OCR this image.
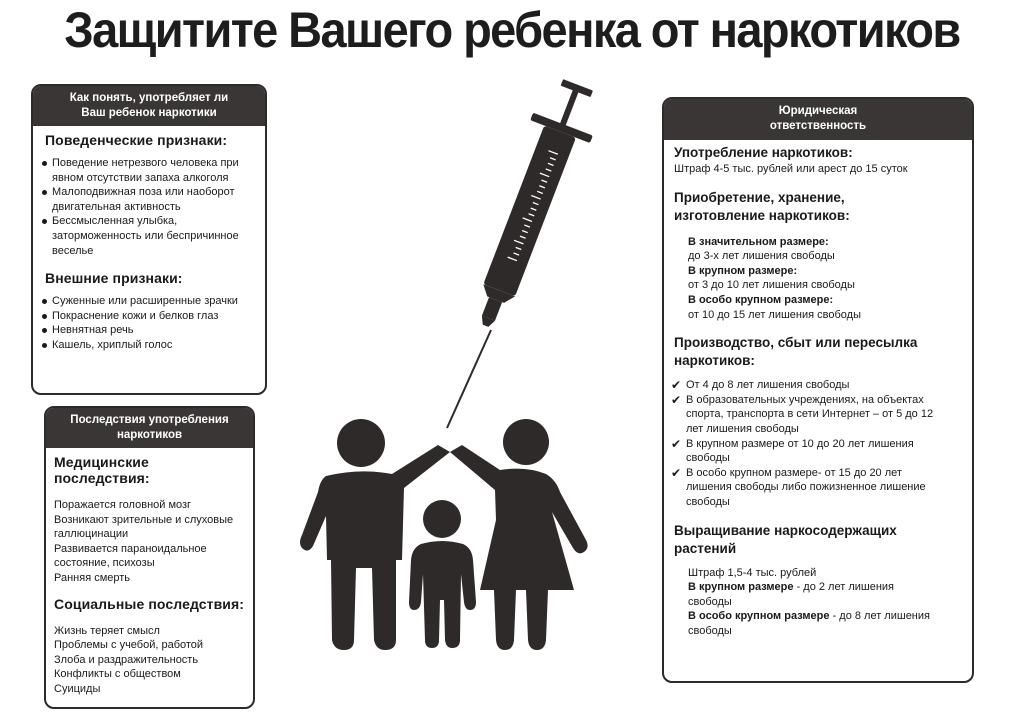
Защитите Вашего ребенка от наркотиков
Как понять, употребляет ли
Ваш ребенок наркотики
Поведенческие признаки:
Поведение нетрезвого человека при явном отсутствии запаха алкоголя
Малоподвижная поза или наоборот двигательная активность
Бессмысленная улыбка, заторможенность или беспричинное веселье
Внешние признаки:
Суженные или расширенные зрачки
Покраснение кожи и белков глаз
Невнятная речь
Кашель, хриплый голос
Последствия употребления
наркотиков
Медицинские последствия:
Поражается головной мозг
Возникают зрительные и слуховые галлюцинации
Развивается параноидальное состояние, психозы
Ранняя смерть
Социальные последствия:
Жизнь теряет смысл
Проблемы с учебой, работой
Злоба и раздражительность
Конфликты с обществом
Суициды
Юридическая
ответственность
Употребление наркотиков:
Штраф 4-5 тыс. рублей или арест до 15 суток
Приобретение, хранение, изготовление наркотиков:
В значительном размере:
до 3-х лет лишения свободы
В крупном размере:
от 3 до 10 лет лишения свободы
В особо крупном размере:
от 10 до 15 лет лишения свободы
Производство, сбыт или пересылка наркотиков:
✔ От 4 до 8 лет лишения свободы
✔ В образовательных учреждениях, на объектах спорта, транспорта в сети Интернет – от 5 до 12 лет лишения свободы
✔ В крупном размере от 10 до 20 лет лишения свободы
✔ В особо крупном размере- от 15 до 20 лет лишения свободы либо пожизненное лишение свободы
Выращивание наркосодержащих растений
Штраф 1,5-4 тыс. рублей
В крупном размере - до 2 лет лишения свободы
В особо крупном размере - до 8 лет лишения свободы
